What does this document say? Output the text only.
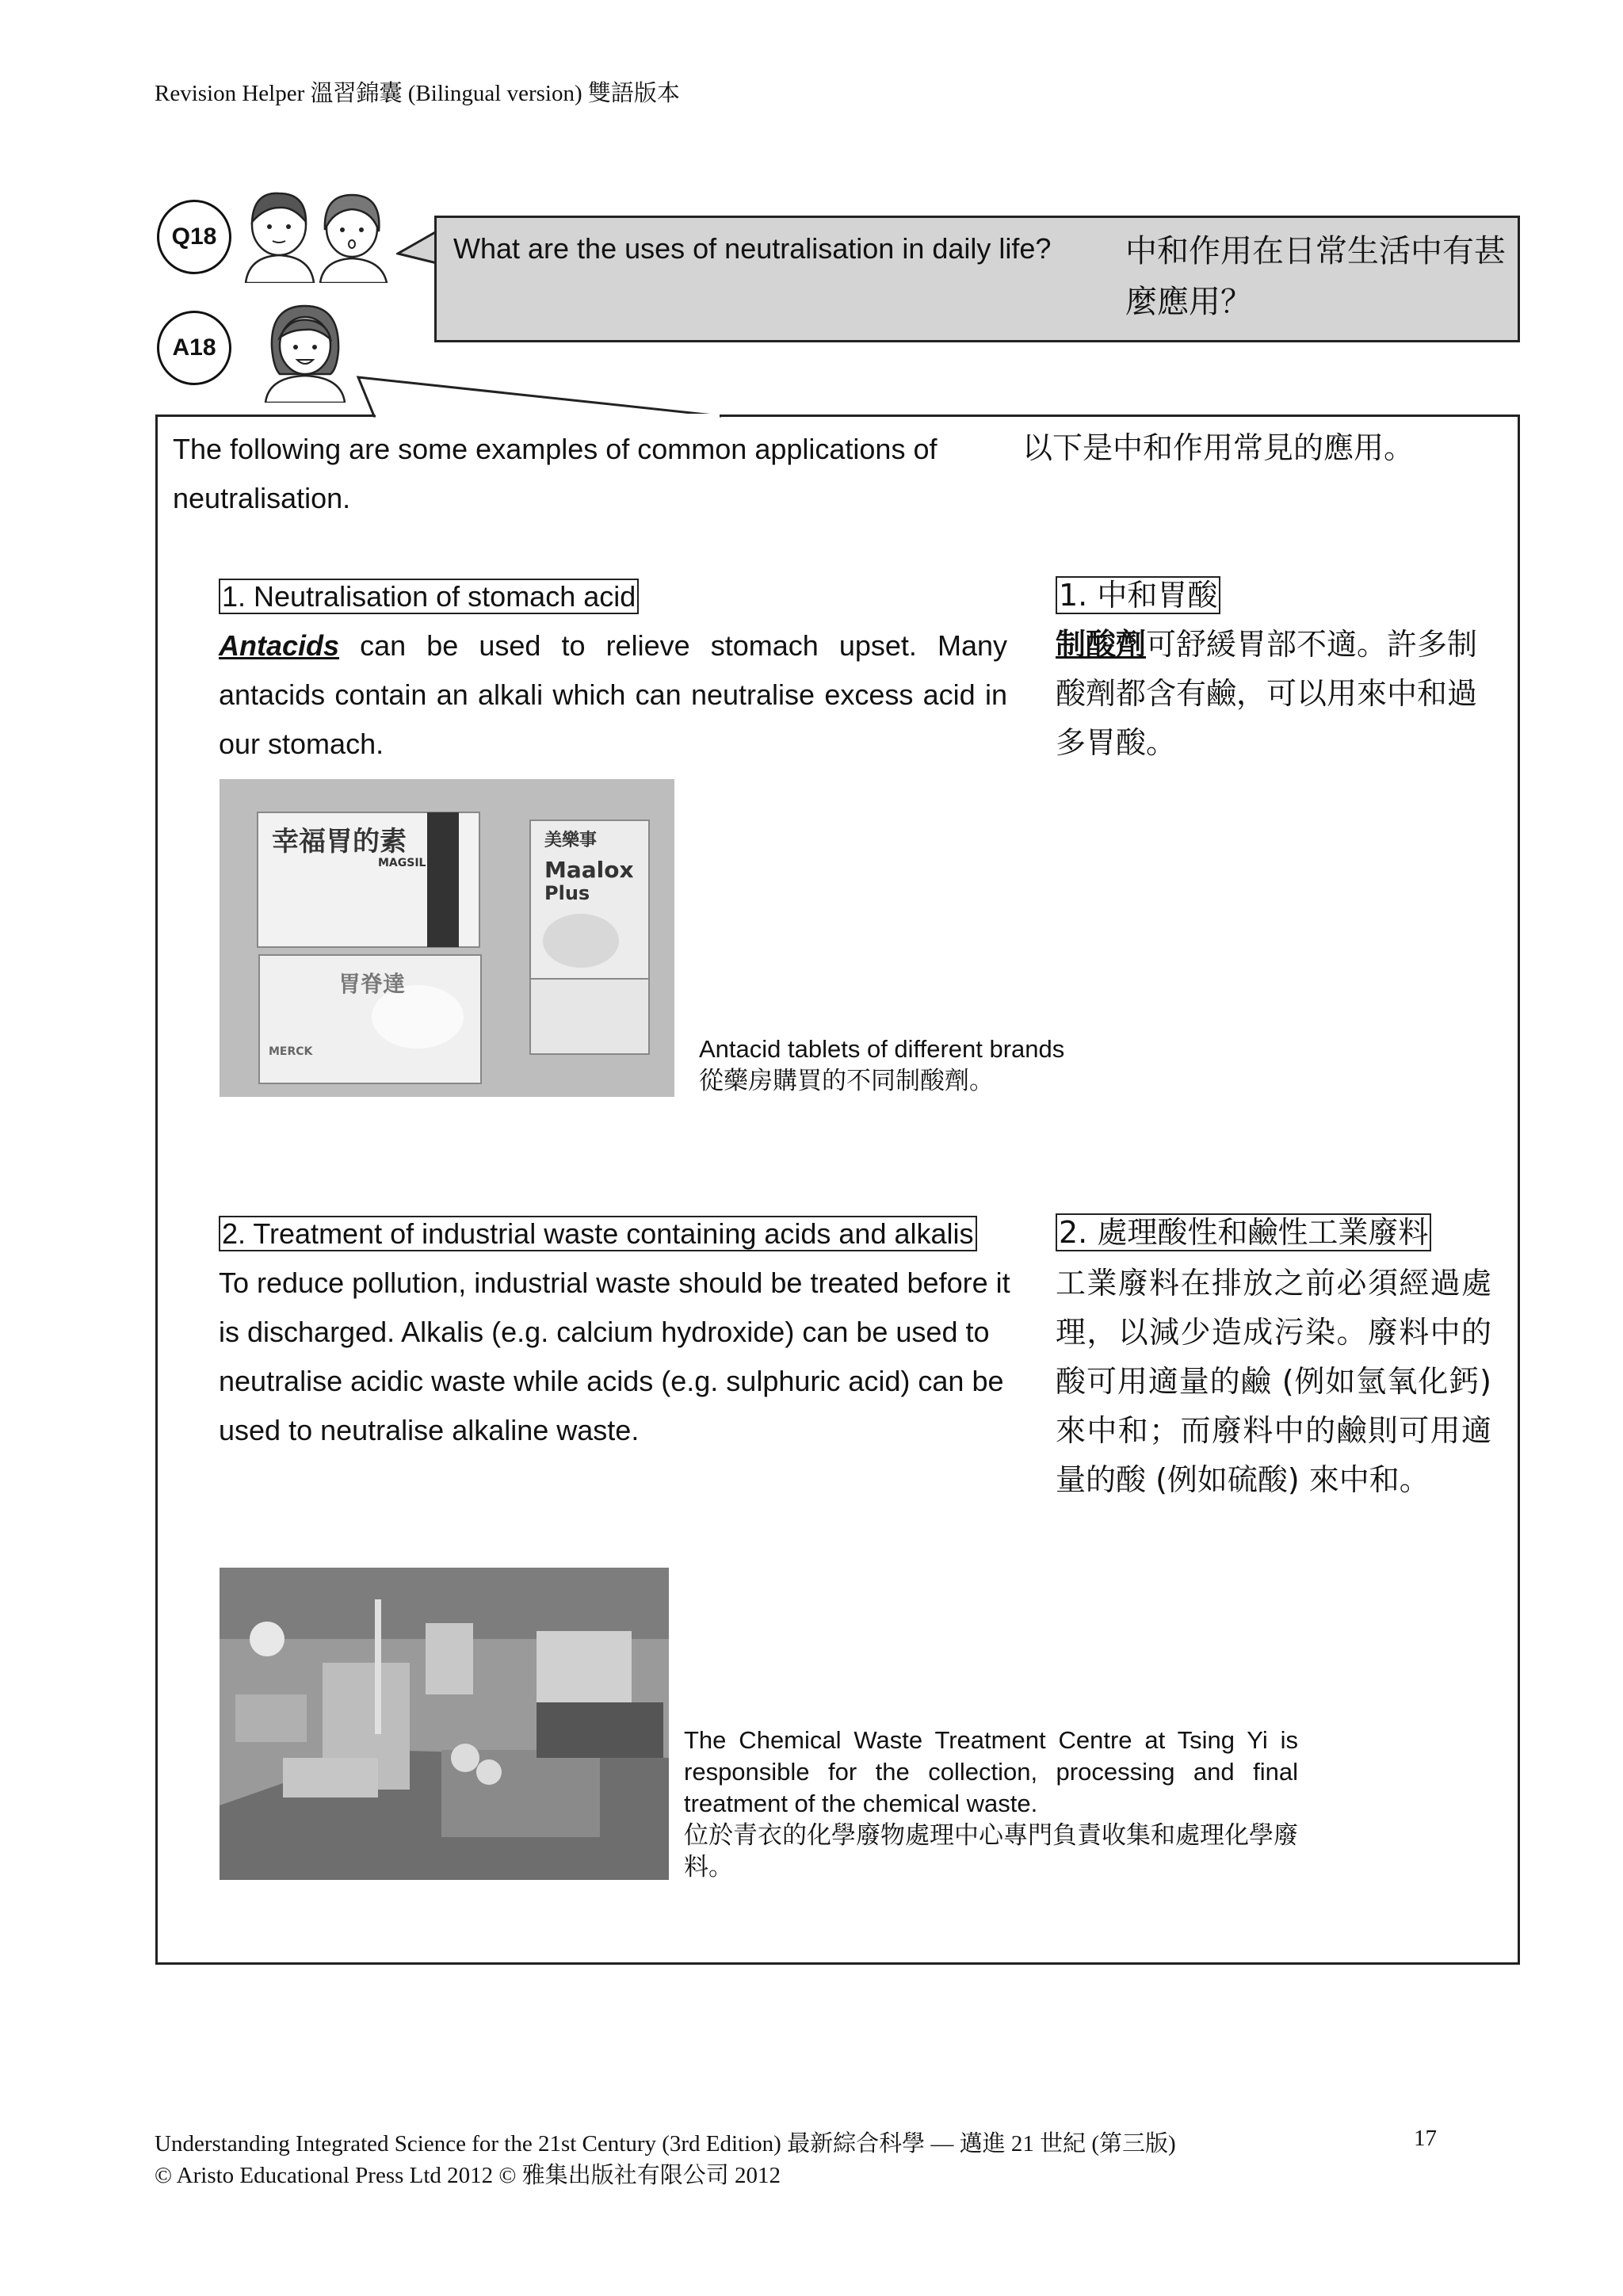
Revision Helper 溫習錦囊 (Bilingual version) 雙語版本
Q18	What are the uses of neutralisation in daily life? 中和作用在日常生活中有甚麼應用？
A18
The following are some examples of common applications of neutralisation.
以下是中和作用常見的應用。
1. Neutralisation of stomach acid	1. 中和胃酸
Antacids can be used to relieve stomach upset. Many antacids contain an alkali which can neutralise excess acid in our stomach.
制酸劑可舒緩胃部不適。許多制酸劑都含有鹼，可以用來中和過多胃酸。
幸福胃的素
MAGSIL
美樂事
Maalox
Plus
胃脊達
MERCK	Antacid tablets of different brands
從藥房購買的不同制酸劑。
2. Treatment of industrial waste containing acids and alkalis	2. 處理酸性和鹼性工業廢料
To reduce pollution, industrial waste should be treated before it is discharged. Alkalis (e.g. calcium hydroxide) can be used to neutralise acidic waste while acids (e.g. sulphuric acid) can be used to neutralise alkaline waste.
工業廢料在排放之前必須經過處理，以減少造成污染。廢料中的酸可用適量的鹼 (例如氫氧化鈣) 來中和；而廢料中的鹼則可用適量的酸 (例如硫酸) 來中和。
The Chemical Waste Treatment Centre at Tsing Yi is responsible for the collection, processing and final treatment of the chemical waste.
位於青衣的化學廢物處理中心專門負責收集和處理化學廢料。
Understanding Integrated Science for the 21st Century (3rd Edition) 最新綜合科學 — 邁進 21 世紀 (第三版)	17
© Aristo Educational Press Ltd 2012 © 雅集出版社有限公司 2012
